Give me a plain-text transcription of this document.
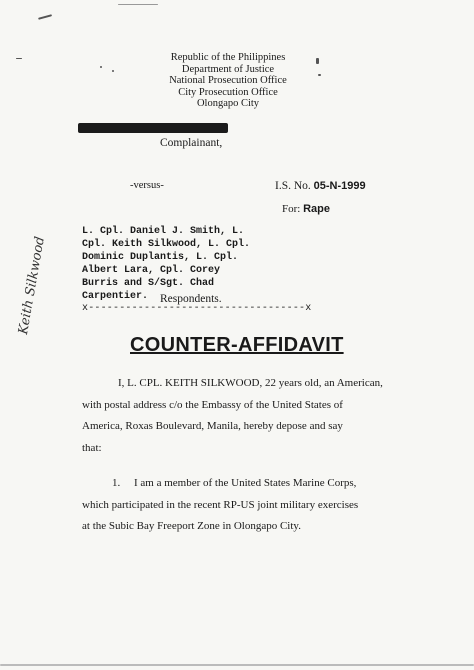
Republic of the Philippines
Department of Justice
National Prosecution Office
City Prosecution Office
Olongapo City
Complainant,
-versus-	I.S. No. 05-N-1999
For: Rape
L. Cpl. Daniel J. Smith, L.
Cpl. Keith Silkwood, L. Cpl.
Dominic Duplantis, L. Cpl.
Albert Lara, Cpl. Corey
Burris and S/Sgt. Chad
Carpentier.	Respondents.
x-----------------------------------x
COUNTER-AFFIDAVIT
I, L. CPL. KEITH SILKWOOD, 22 years old, an American,
with postal address c/o the Embassy of the United States of
America, Roxas Boulevard, Manila, hereby depose and say
that:
1. I am a member of the United States Marine Corps,
which participated in the recent RP-US joint military exercises
at the Subic Bay Freeport Zone in Olongapo City.
Keith Silkwood
